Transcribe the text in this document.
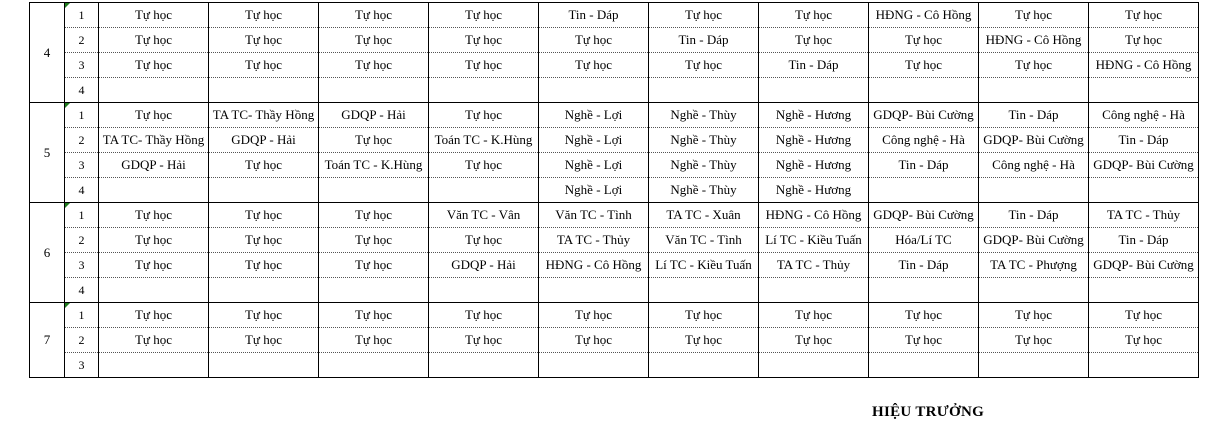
4	1	Tự học	Tự học	Tự học	Tự học	Tin - Dáp	Tự học	Tự học	HĐNG - Cô Hồng	Tự học	Tự học
	2	Tự học	Tự học	Tự học	Tự học	Tự học	Tin - Dáp	Tự học	Tự học	HĐNG - Cô Hồng	Tự học
	3	Tự học	Tự học	Tự học	Tự học	Tự học	Tự học	Tin - Dáp	Tự học	Tự học	HĐNG - Cô Hồng
	4										
5	1	Tự học	TA TC- Thầy Hồng	GDQP - Hải	Tự học	Nghề - Lợi	Nghề - Thùy	Nghề - Hương	GDQP- Bùi Cường	Tin - Dáp	Công nghệ - Hà
	2	TA TC- Thầy Hồng	GDQP - Hải	Tự học	Toán TC - K.Hùng	Nghề - Lợi	Nghề - Thùy	Nghề - Hương	Công nghệ - Hà	GDQP- Bùi Cường	Tin - Dáp
	3	GDQP - Hải	Tự học	Toán TC - K.Hùng	Tự học	Nghề - Lợi	Nghề - Thùy	Nghề - Hương	Tin - Dáp	Công nghệ - Hà	GDQP- Bùi Cường
	4					Nghề - Lợi	Nghề - Thùy	Nghề - Hương			
6	1	Tự học	Tự học	Tự học	Văn TC - Vân	Văn TC - Tình	TA TC - Xuân	HĐNG - Cô Hồng	GDQP- Bùi Cường	Tin - Dáp	TA TC - Thủy
	2	Tự học	Tự học	Tự học	Tự học	TA TC - Thủy	Văn TC - Tình	Lí TC - Kiều Tuấn	Hóa/Lí TC	GDQP- Bùi Cường	Tin - Dáp
	3	Tự học	Tự học	Tự học	GDQP - Hải	HĐNG - Cô Hồng	Lí TC - Kiều Tuấn	TA TC - Thủy	Tin - Dáp	TA TC - Phượng	GDQP- Bùi Cường
	4										
7	1	Tự học	Tự học	Tự học	Tự học	Tự học	Tự học	Tự học	Tự học	Tự học	Tự học
	2	Tự học	Tự học	Tự học	Tự học	Tự học	Tự học	Tự học	Tự học	Tự học	Tự học
	3										
HIỆU TRƯỞNG
